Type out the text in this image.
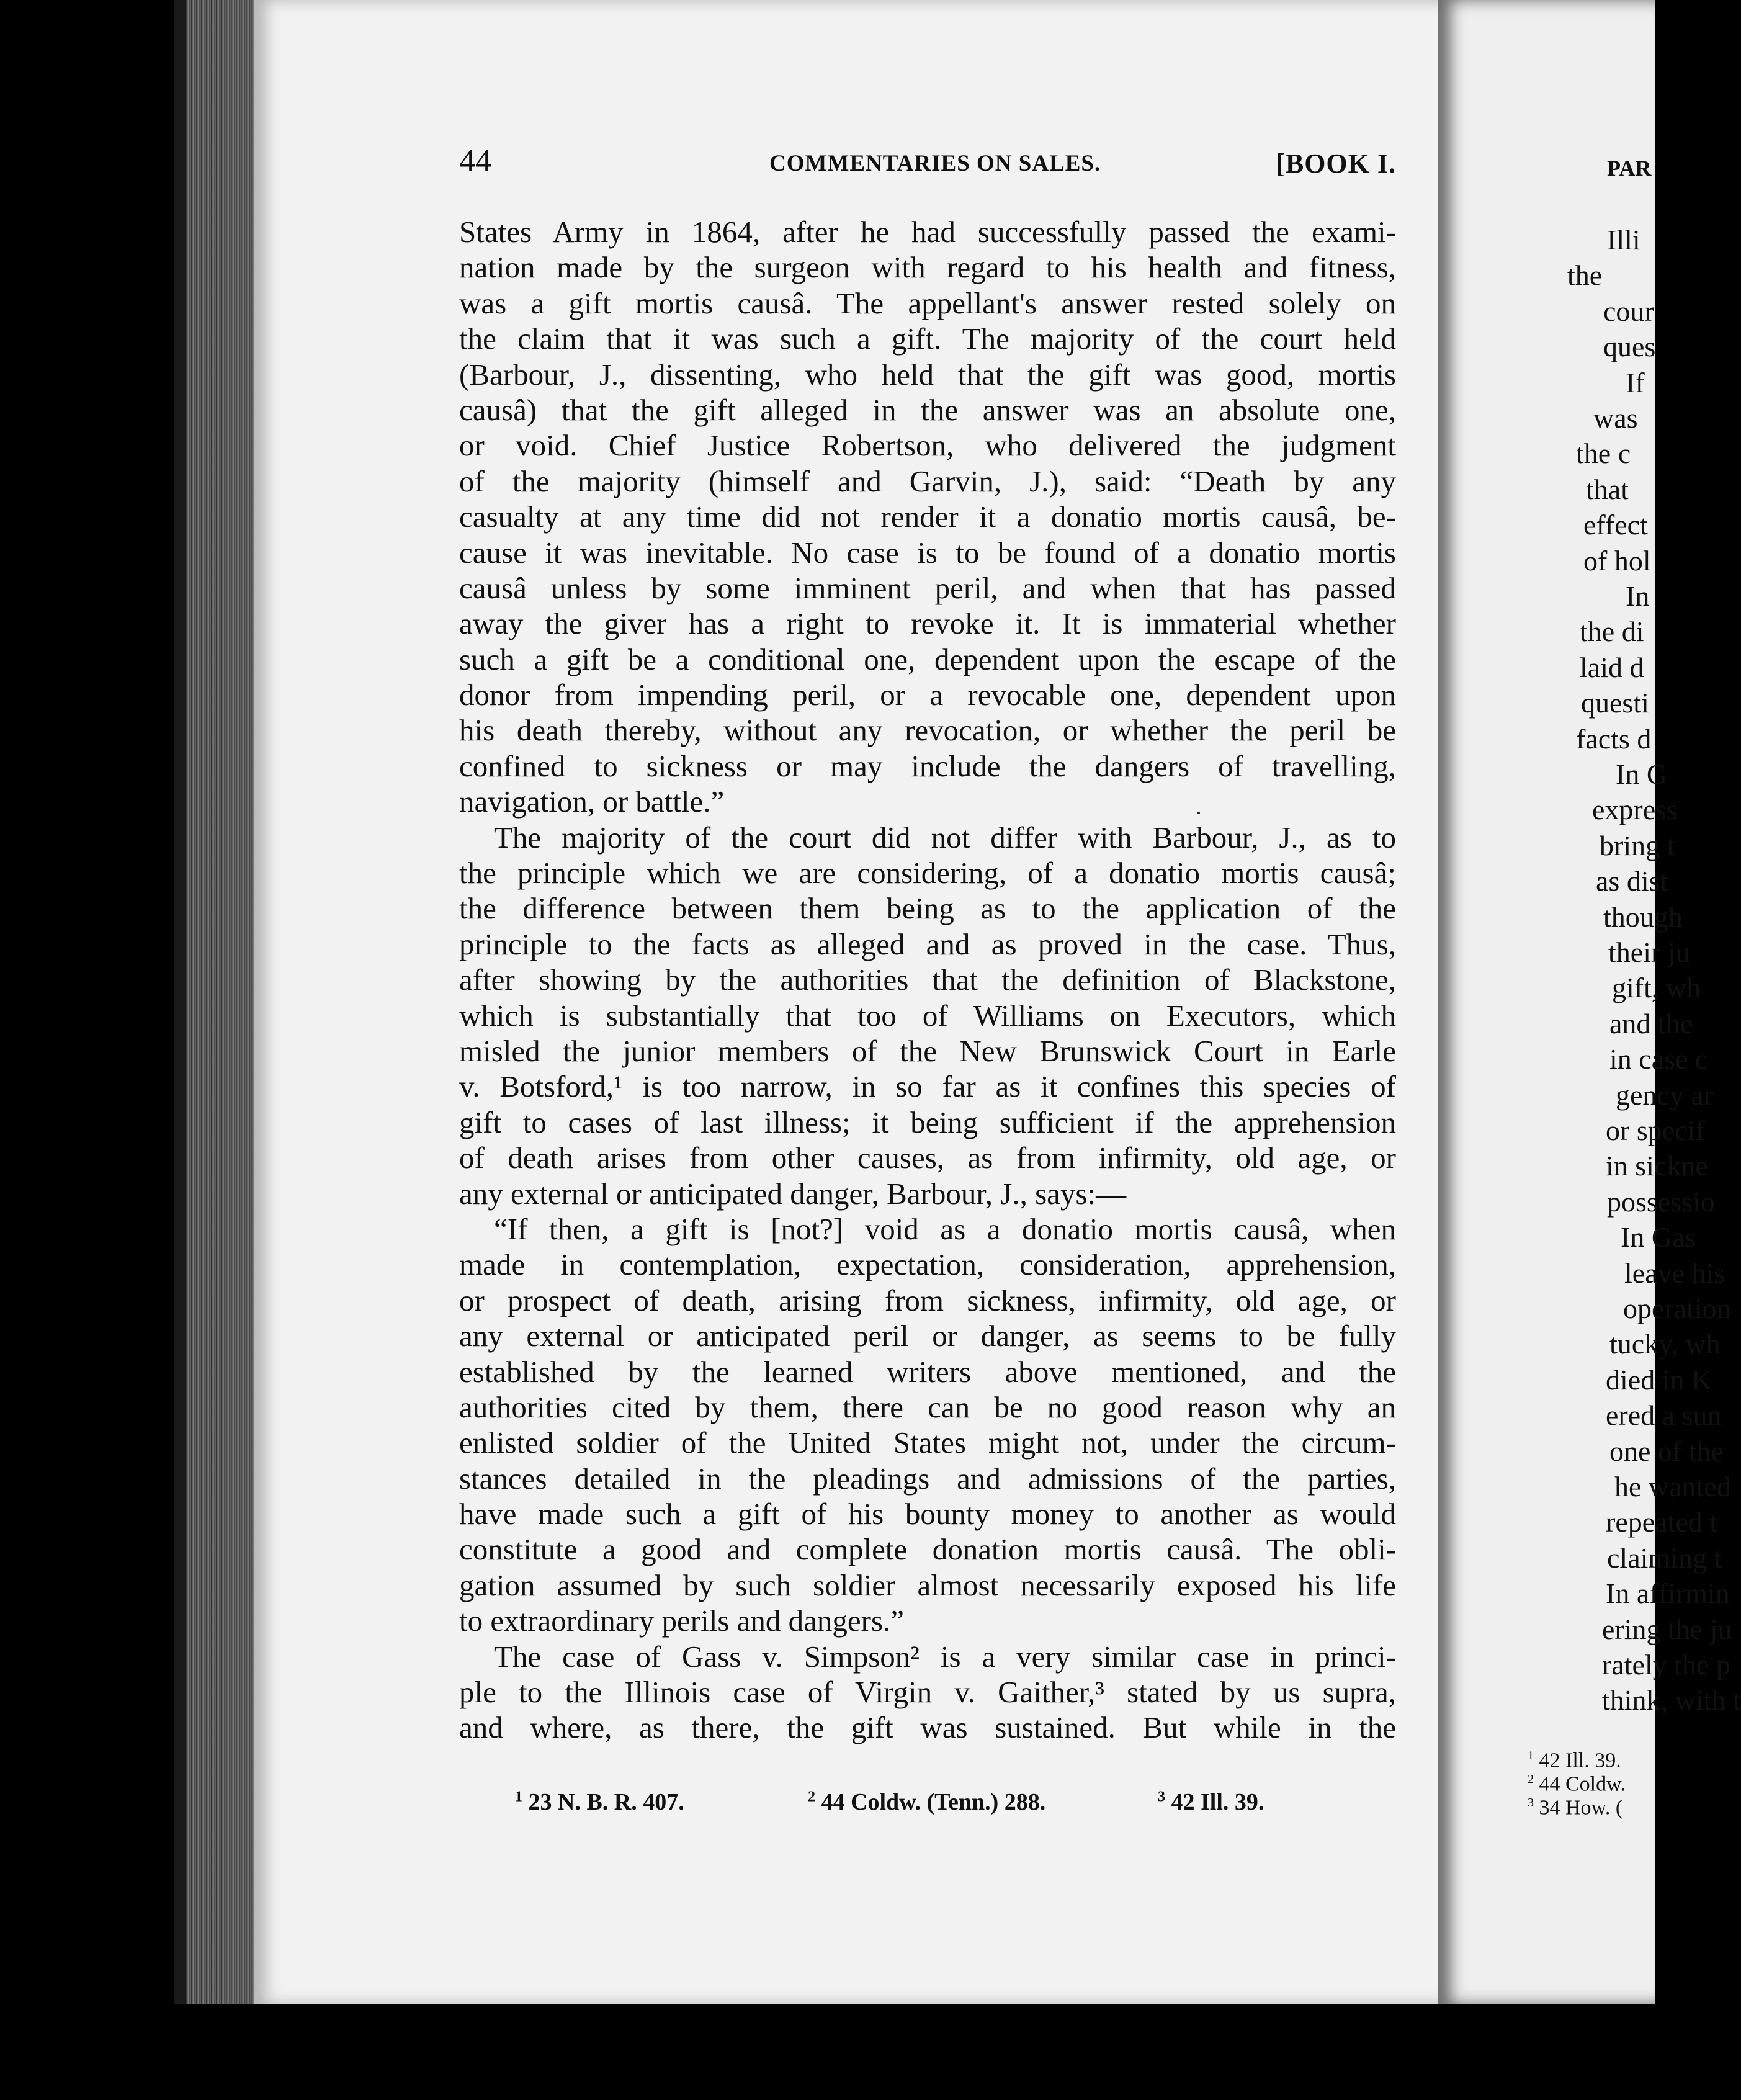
44	COMMENTARIES ON SALES.	[BOOK I.
States Army in 1864, after he had successfully passed the exami-
nation made by the surgeon with regard to his health and fitness,
was a gift mortis causâ. The appellant's answer rested solely on
the claim that it was such a gift. The majority of the court held
(Barbour, J., dissenting, who held that the gift was good, mortis
causâ) that the gift alleged in the answer was an absolute one,
or void. Chief Justice Robertson, who delivered the judgment
of the majority (himself and Garvin, J.), said: “Death by any
casualty at any time did not render it a donatio mortis causâ, be-
cause it was inevitable. No case is to be found of a donatio mortis
causâ unless by some imminent peril, and when that has passed
away the giver has a right to revoke it. It is immaterial whether
such a gift be a conditional one, dependent upon the escape of the
donor from impending peril, or a revocable one, dependent upon
his death thereby, without any revocation, or whether the peril be
confined to sickness or may include the dangers of travelling,
navigation, or battle.”
The majority of the court did not differ with Barbour, J., as to
the principle which we are considering, of a donatio mortis causâ;
the difference between them being as to the application of the
principle to the facts as alleged and as proved in the case. Thus,
after showing by the authorities that the definition of Blackstone,
which is substantially that too of Williams on Executors, which
misled the junior members of the New Brunswick Court in Earle
v. Botsford,¹ is too narrow, in so far as it confines this species of
gift to cases of last illness; it being sufficient if the apprehension
of death arises from other causes, as from infirmity, old age, or
any external or anticipated danger, Barbour, J., says:—
“If then, a gift is [not?] void as a donatio mortis causâ, when
made in contemplation, expectation, consideration, apprehension,
or prospect of death, arising from sickness, infirmity, old age, or
any external or anticipated peril or danger, as seems to be fully
established by the learned writers above mentioned, and the
authorities cited by them, there can be no good reason why an
enlisted soldier of the United States might not, under the circum-
stances detailed in the pleadings and admissions of the parties,
have made such a gift of his bounty money to another as would
constitute a good and complete donation mortis causâ. The obli-
gation assumed by such soldier almost necessarily exposed his life
to extraordinary perils and dangers.”
The case of Gass v. Simpson² is a very similar case in princi-
ple to the Illinois case of Virgin v. Gaither,³ stated by us supra,
and where, as there, the gift was sustained. But while in the
$^1$ 23 N. B. R. 407.	$^2$ 44 Coldw. (Tenn.) 288.	$^3$ 42 Ill. 39.
PAR
Illi
the
cour
ques
If
was
the c
that
effect
of hol
In
the di
laid d
questi
facts d
In G
express
bring t
as dist
though
their ju
gift, wh
and the
in case c
gency ar
or specif
in sickne
possessio
In Gas
leave his
operation
tucky, wh
died in K
ered a sun
one of the
he wanted
repeated t
claiming t
In affirmin
ering the ju
rately the p
think, with t
$^1$ 42 Ill. 39.
$^2$ 44 Coldw.
$^3$ 34 How. (
